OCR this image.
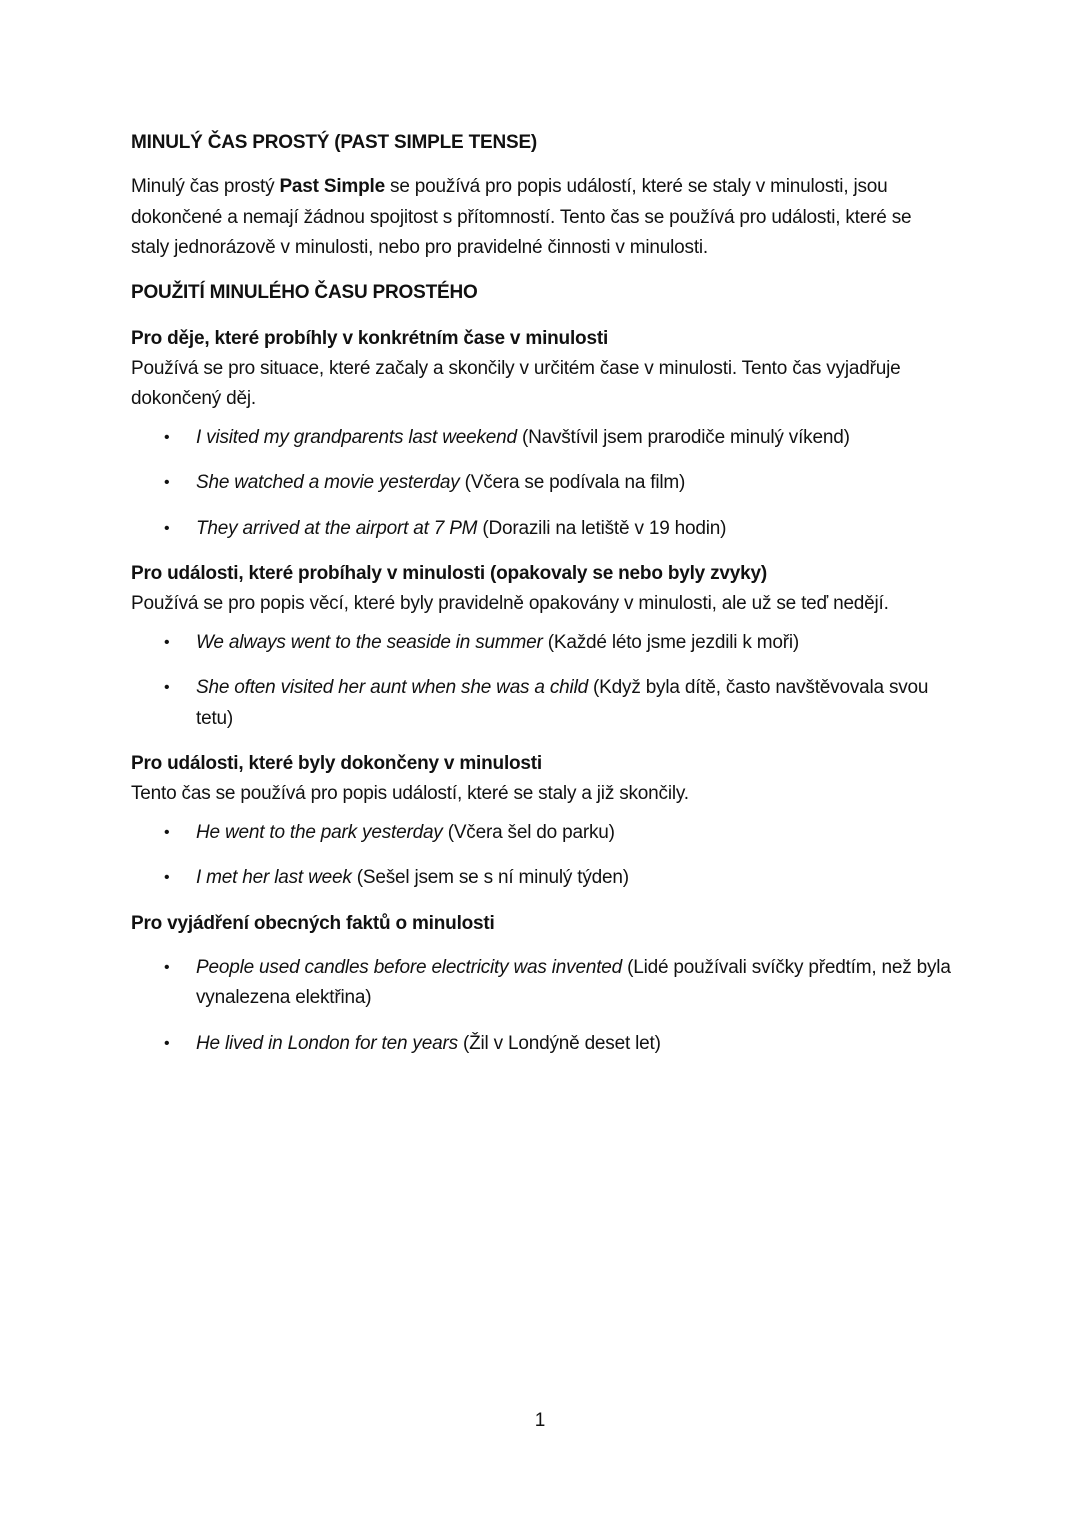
MINULÝ ČAS PROSTÝ (PAST SIMPLE TENSE)

Minulý čas prostý Past Simple se používá pro popis událostí, které se staly v minulosti, jsou dokončené a nemají žádnou spojitost s přítomností. Tento čas se používá pro události, které se staly jednorázově v minulosti, nebo pro pravidelné činnosti v minulosti.

POUŽITÍ MINULÉHO ČASU PROSTÉHO

Pro děje, které probíhly v konkrétním čase v minulosti

Používá se pro situace, které začaly a skončily v určitém čase v minulosti. Tento čas vyjadřuje dokončený děj.

• I visited my grandparents last weekend (Navštívil jsem prarodiče minulý víkend)
• She watched a movie yesterday (Včera se podívala na film)
• They arrived at the airport at 7 PM (Dorazili na letiště v 19 hodin)

Pro události, které probíhaly v minulosti (opakovaly se nebo byly zvyky)

Používá se pro popis věcí, které byly pravidelně opakovány v minulosti, ale už se teď nedějí.

• We always went to the seaside in summer (Každé léto jsme jezdili k moři)
• She often visited her aunt when she was a child (Když byla dítě, často navštěvovala svou tetu)

Pro události, které byly dokončeny v minulosti

Tento čas se používá pro popis událostí, které se staly a již skončily.

• He went to the park yesterday (Včera šel do parku)
• I met her last week (Sešel jsem se s ní minulý týden)

Pro vyjádření obecných faktů o minulosti

• People used candles before electricity was invented (Lidé používali svíčky předtím, než byla vynalezena elektřina)
• He lived in London for ten years (Žil v Londýně deset let)
1
